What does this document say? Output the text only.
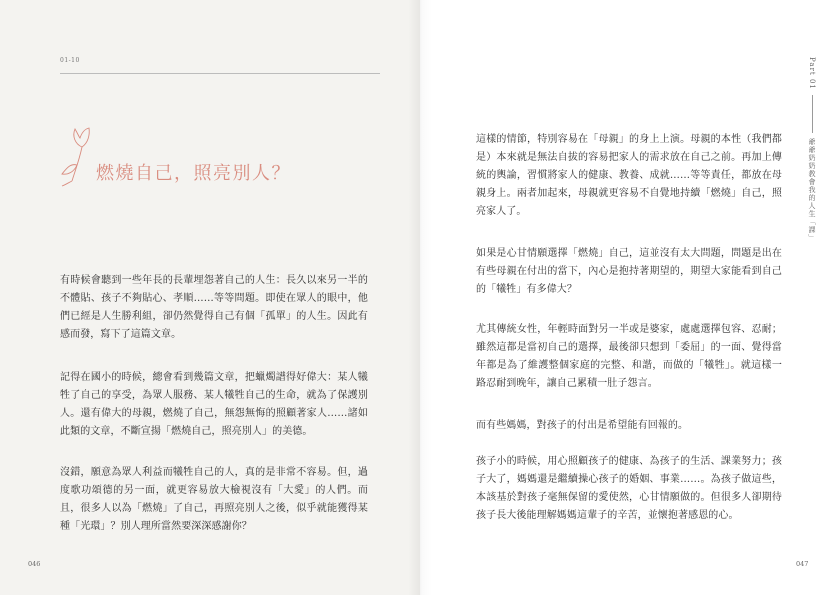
01-10
燃燒自己，照亮別人？

有時候會聽到一些年長的長輩埋怨著自己的人生：長久以來另一半的不體貼、孩子不夠貼心、孝順……等等問題。即使在眾人的眼中，他們已經是人生勝利組，卻仍然覺得自己有個「孤單」的人生。因此有感而發，寫下了這篇文章。

記得在國小的時候，總會看到幾篇文章，把蠟燭譜得好偉大：某人犧牲了自己的享受，為眾人服務、某人犧牲自己的生命，就為了保護別人。還有偉大的母親，燃燒了自己，無怨無悔的照顧著家人……諸如此類的文章，不斷宣揚「燃燒自己，照亮別人」的美德。

沒錯，願意為眾人利益而犧牲自己的人，真的是非常不容易。但，過度歌功頌德的另一面，就更容易放大檢視沒有「大愛」的人們。而且，很多人以為「燃燒」了自己，再照亮別人之後，似乎就能獲得某種「光環」？別人理所當然要深深感謝你？

046

這樣的情節，特別容易在「母親」的身上上演。母親的本性（我們都是）本來就是無法自拔的容易把家人的需求放在自己之前。再加上傳統的輿論，習慣將家人的健康、教養、成就……等等責任，都放在母親身上。兩者加起來，母親就更容易不自覺地持續「燃燒」自己，照亮家人了。

如果是心甘情願選擇「燃燒」自己，這並沒有太大問題，問題是出在有些母親在付出的當下，內心是抱持著期望的，期望大家能看到自己的「犧牲」有多偉大？

尤其傳統女性，年輕時面對另一半或是婆家，處處選擇包容、忍耐；雖然這都是當初自己的選擇，最後卻只想到「委屈」的一面、覺得當年都是為了維護整個家庭的完整、和諧，而做的「犧牲」。就這樣一路忍耐到晚年，讓自己累積一肚子怨言。

而有些媽媽，對孩子的付出是希望能有回報的。

孩子小的時候，用心照顧孩子的健康、為孩子的生活、課業努力；孩子大了，媽媽還是繼續操心孩子的婚姻、事業……。為孩子做這些，本該基於對孩子毫無保留的愛使然，心甘情願做的。但很多人卻期待孩子長大後能理解媽媽這輩子的辛苦，並懷抱著感恩的心。

Part 01
爺爺奶奶教會我的人生「課」
047
